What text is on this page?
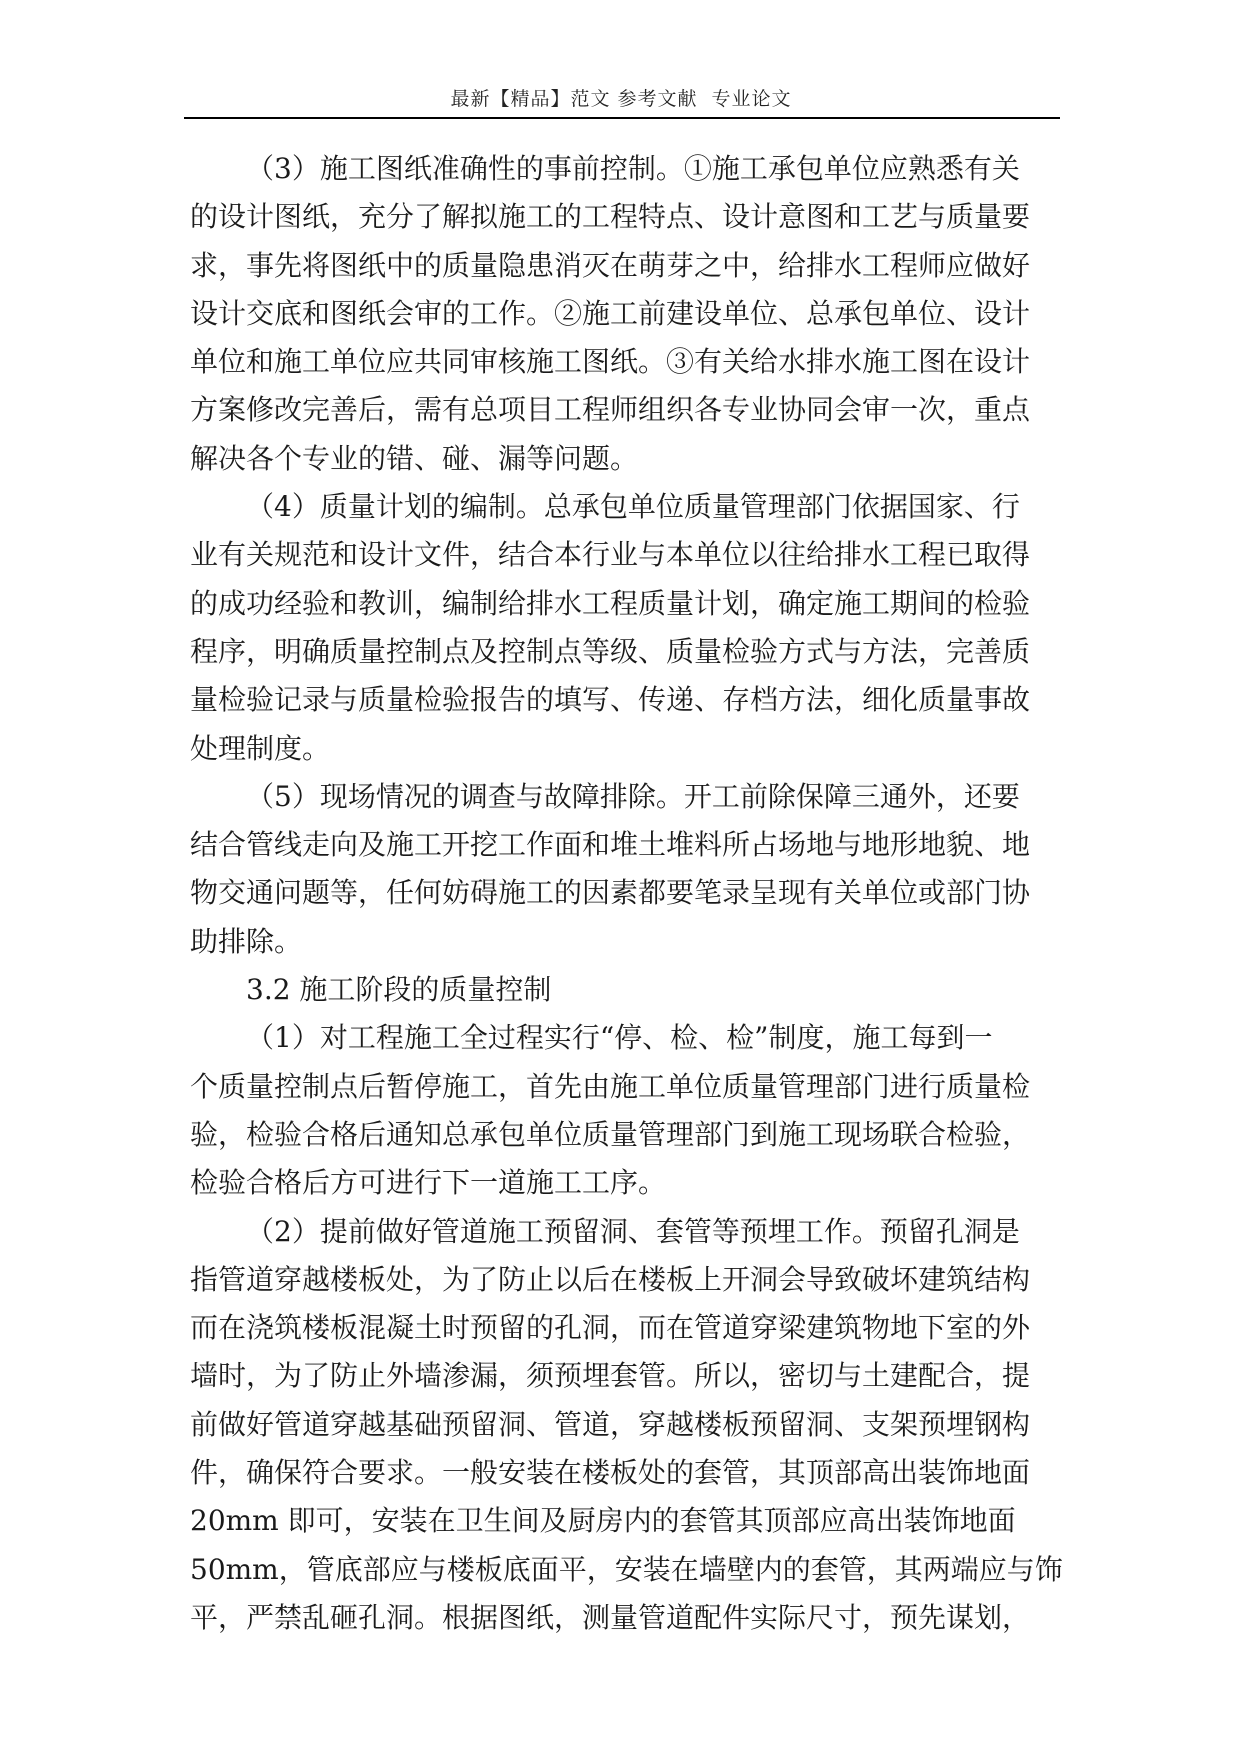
最新【精品】范文 参考文献  专业论文
（3）施工图纸准确性的事前控制。①施工承包单位应熟悉有关
的设计图纸，充分了解拟施工的工程特点、设计意图和工艺与质量要
求，事先将图纸中的质量隐患消灭在萌芽之中，给排水工程师应做好
设计交底和图纸会审的工作。②施工前建设单位、总承包单位、设计
单位和施工单位应共同审核施工图纸。③有关给水排水施工图在设计
方案修改完善后，需有总项目工程师组织各专业协同会审一次，重点
解决各个专业的错、碰、漏等问题。
（4）质量计划的编制。总承包单位质量管理部门依据国家、行
业有关规范和设计文件，结合本行业与本单位以往给排水工程已取得
的成功经验和教训，编制给排水工程质量计划，确定施工期间的检验
程序，明确质量控制点及控制点等级、质量检验方式与方法，完善质
量检验记录与质量检验报告的填写、传递、存档方法，细化质量事故
处理制度。
（5）现场情况的调查与故障排除。开工前除保障三通外，还要
结合管线走向及施工开挖工作面和堆土堆料所占场地与地形地貌、地
物交通问题等，任何妨碍施工的因素都要笔录呈现有关单位或部门协
助排除。
3.2 施工阶段的质量控制
（1）对工程施工全过程实行“停、检、检”制度，施工每到一
个质量控制点后暂停施工，首先由施工单位质量管理部门进行质量检
验，检验合格后通知总承包单位质量管理部门到施工现场联合检验，
检验合格后方可进行下一道施工工序。
（2）提前做好管道施工预留洞、套管等预埋工作。预留孔洞是
指管道穿越楼板处，为了防止以后在楼板上开洞会导致破坏建筑结构
而在浇筑楼板混凝土时预留的孔洞，而在管道穿梁建筑物地下室的外
墙时，为了防止外墙渗漏，须预埋套管。所以，密切与土建配合，提
前做好管道穿越基础预留洞、管道，穿越楼板预留洞、支架预埋钢构
件，确保符合要求。一般安装在楼板处的套管，其顶部高出装饰地面
20mm 即可，安装在卫生间及厨房内的套管其顶部应高出装饰地面
50mm，管底部应与楼板底面平，安装在墙壁内的套管，其两端应与饰
平，严禁乱砸孔洞。根据图纸，测量管道配件实际尺寸，预先谋划，
